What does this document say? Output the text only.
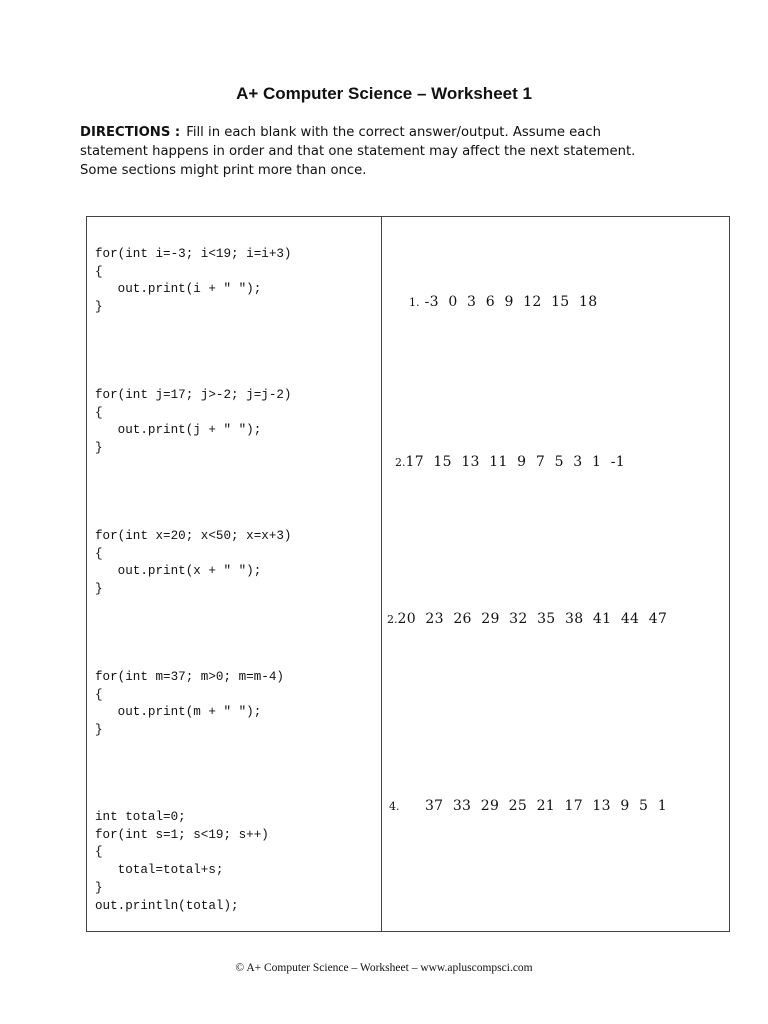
A+ Computer Science – Worksheet 1
DIRECTIONS : Fill in each blank with the correct answer/output. Assume each
statement happens in order and that one statement may affect the next statement.
Some sections might print more than once.
for(int i=-3; i<19; i=i+3)
{
out.print(i + " ");
}
for(int j=17; j>-2; j=j-2)
{
out.print(j + " ");
}
for(int x=20; x<50; x=x+3)
{
out.print(x + " ");
}
for(int m=37; m>0; m=m-4)
{
out.print(m + " ");
}
int total=0;
for(int s=1; s<19; s++)
{
total=total+s;
}
out.println(total);
1. -3  0  3  6  9  12  15  18
2.17  15  13  11  9  7  5  3  1  -1
2.20  23  26  29  32  35  38  41  44  47
4. 37  33  29  25  21  17  13  9  5  1
© A+ Computer Science – Worksheet – www.apluscompsci.com
